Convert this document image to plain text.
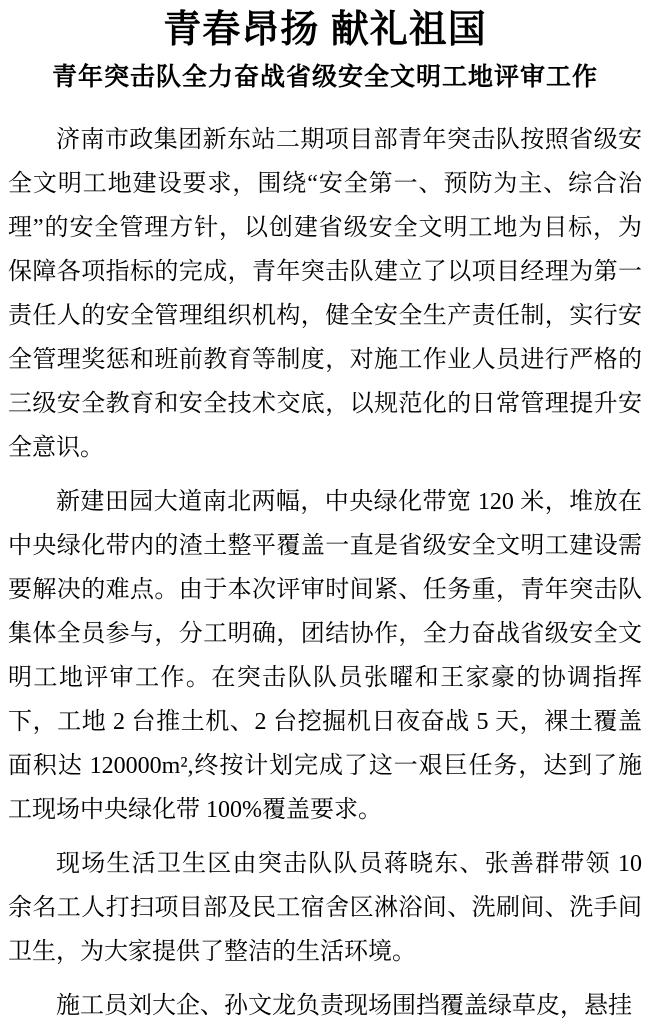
青春昂扬 献礼祖国
青年突击队全力奋战省级安全文明工地评审工作

济南市政集团新东站二期项目部青年突击队按照省级安全文明工地建设要求，围绕“安全第一、预防为主、综合治理”的安全管理方针，以创建省级安全文明工地为目标，为保障各项指标的完成，青年突击队建立了以项目经理为第一责任人的安全管理组织机构，健全安全生产责任制，实行安全管理奖惩和班前教育等制度，对施工作业人员进行严格的三级安全教育和安全技术交底，以规范化的日常管理提升安全意识。

新建田园大道南北两幅，中央绿化带宽 120 米，堆放在中央绿化带内的渣土整平覆盖一直是省级安全文明工建设需要解决的难点。由于本次评审时间紧、任务重，青年突击队集体全员参与，分工明确，团结协作，全力奋战省级安全文明工地评审工作。在突击队队员张曜和王家豪的协调指挥下，工地 2 台推土机、2 台挖掘机日夜奋战 5 天，裸土覆盖面积达 120000m²,终按计划完成了这一艰巨任务，达到了施工现场中央绿化带 100%覆盖要求。

现场生活卫生区由突击队队员蒋晓东、张善群带领 10 余名工人打扫项目部及民工宿舍区淋浴间、洗刷间、洗手间卫生，为大家提供了整洁的生活环境。

施工员刘大企、孙文龙负责现场围挡覆盖绿草皮，悬挂
